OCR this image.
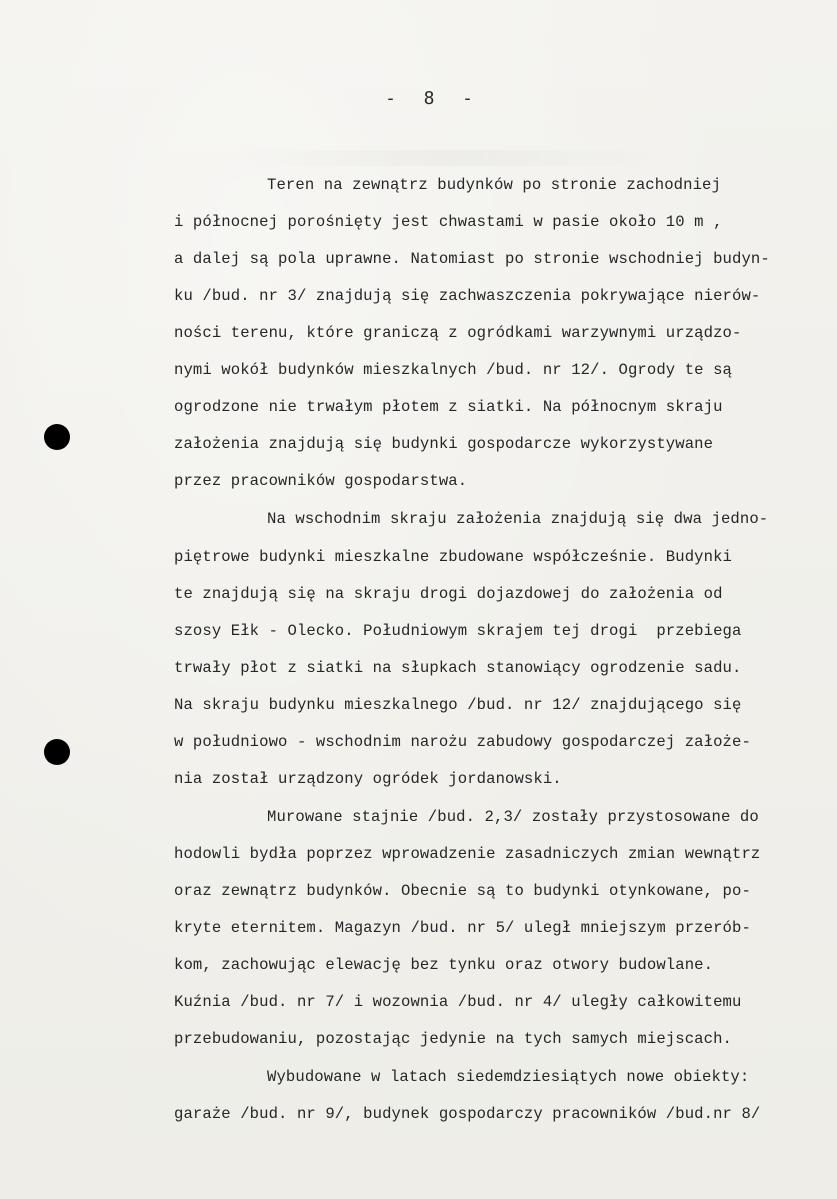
-  8  -
Teren na zewnątrz budynków po stronie zachodniej
i północnej porośnięty jest chwastami w pasie około 10 m ,
a dalej są pola uprawne. Natomiast po stronie wschodniej budyn-
ku /bud. nr 3/ znajdują się zachwaszczenia pokrywające nierów-
ności terenu, które graniczą z ogródkami warzywnymi urządzo-
nymi wokół budynków mieszkalnych /bud. nr 12/. Ogrody te są
ogrodzone nie trwałym płotem z siatki. Na północnym skraju
założenia znajdują się budynki gospodarcze wykorzystywane
przez pracowników gospodarstwa.
Na wschodnim skraju założenia znajdują się dwa jedno-
piętrowe budynki mieszkalne zbudowane współcześnie. Budynki
te znajdują się na skraju drogi dojazdowej do założenia od
szosy Ełk - Olecko. Południowym skrajem tej drogi  przebiega
trwały płot z siatki na słupkach stanowiący ogrodzenie sadu.
Na skraju budynku mieszkalnego /bud. nr 12/ znajdującego się
w południowo - wschodnim narożu zabudowy gospodarczej założe-
nia został urządzony ogródek jordanowski.
Murowane stajnie /bud. 2,3/ zostały przystosowane do
hodowli bydła poprzez wprowadzenie zasadniczych zmian wewnątrz
oraz zewnątrz budynków. Obecnie są to budynki otynkowane, po-
kryte eternitem. Magazyn /bud. nr 5/ uległ mniejszym przerób-
kom, zachowując elewację bez tynku oraz otwory budowlane.
Kuźnia /bud. nr 7/ i wozownia /bud. nr 4/ uległy całkowitemu
przebudowaniu, pozostając jedynie na tych samych miejscach.
Wybudowane w latach siedemdziesiątych nowe obiekty:
garaże /bud. nr 9/, budynek gospodarczy pracowników /bud.nr 8/
